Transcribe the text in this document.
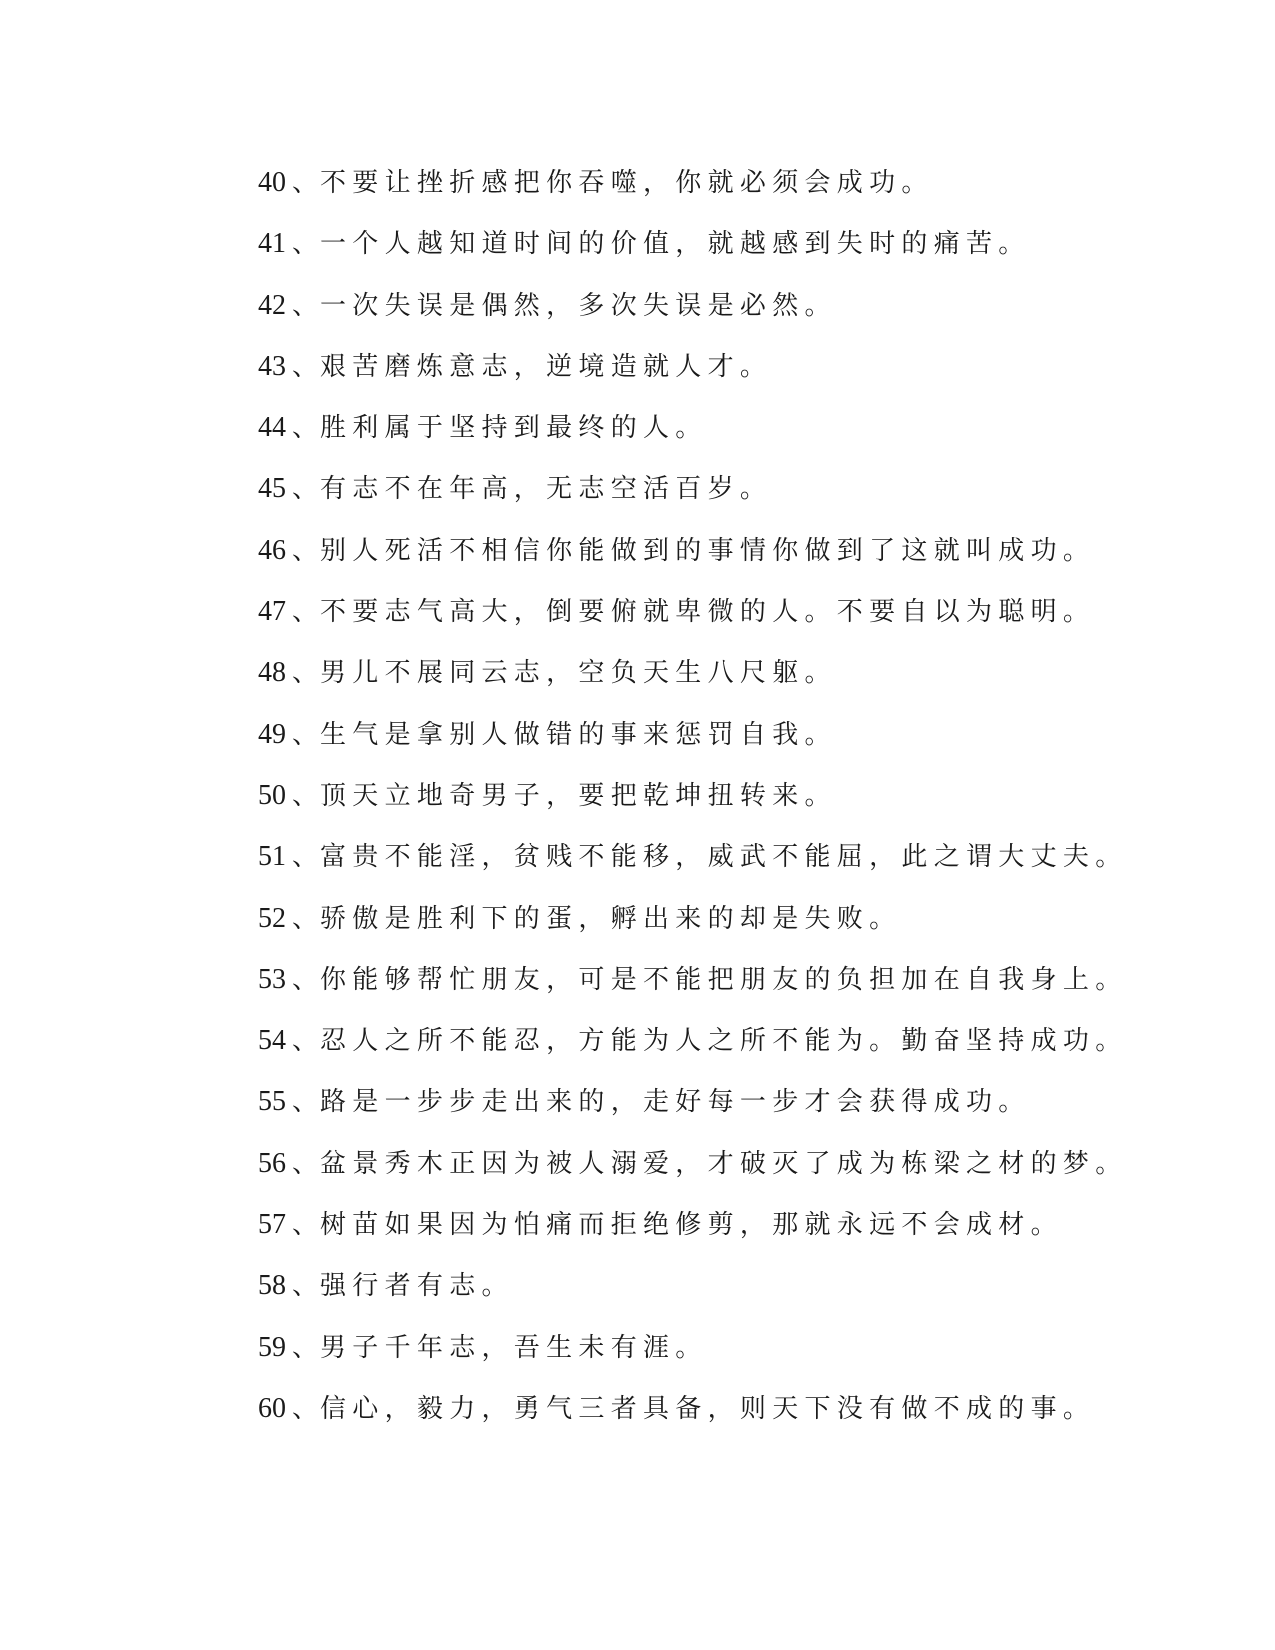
40 、 不要让挫折感把你吞噬，你就必须会成功。
41 、 一个人越知道时间的价值，就越感到失时的痛苦。
42 、 一次失误是偶然，多次失误是必然。
43 、 艰苦磨炼意志，逆境造就人才。
44 、 胜利属于坚持到最终的人。
45 、 有志不在年高，无志空活百岁。
46 、 别人死活不相信你能做到的事情你做到了这就叫成功。
47 、 不要志气高大，倒要俯就卑微的人。不要自以为聪明。
48 、 男儿不展同云志，空负天生八尺躯。
49 、 生气是拿别人做错的事来惩罚自我。
50 、 顶天立地奇男子，要把乾坤扭转来。
51 、 富贵不能淫，贫贱不能移，威武不能屈，此之谓大丈夫。
52 、 骄傲是胜利下的蛋，孵出来的却是失败。
53 、 你能够帮忙朋友，可是不能把朋友的负担加在自我身上。
54 、 忍人之所不能忍，方能为人之所不能为。勤奋坚持成功。
55 、 路是一步步走出来的，走好每一步才会获得成功。
56 、 盆景秀木正因为被人溺爱，才破灭了成为栋梁之材的梦。
57 、 树苗如果因为怕痛而拒绝修剪，那就永远不会成材。
58 、 强行者有志。
59 、 男子千年志，吾生未有涯。
60 、 信心，毅力，勇气三者具备，则天下没有做不成的事。
